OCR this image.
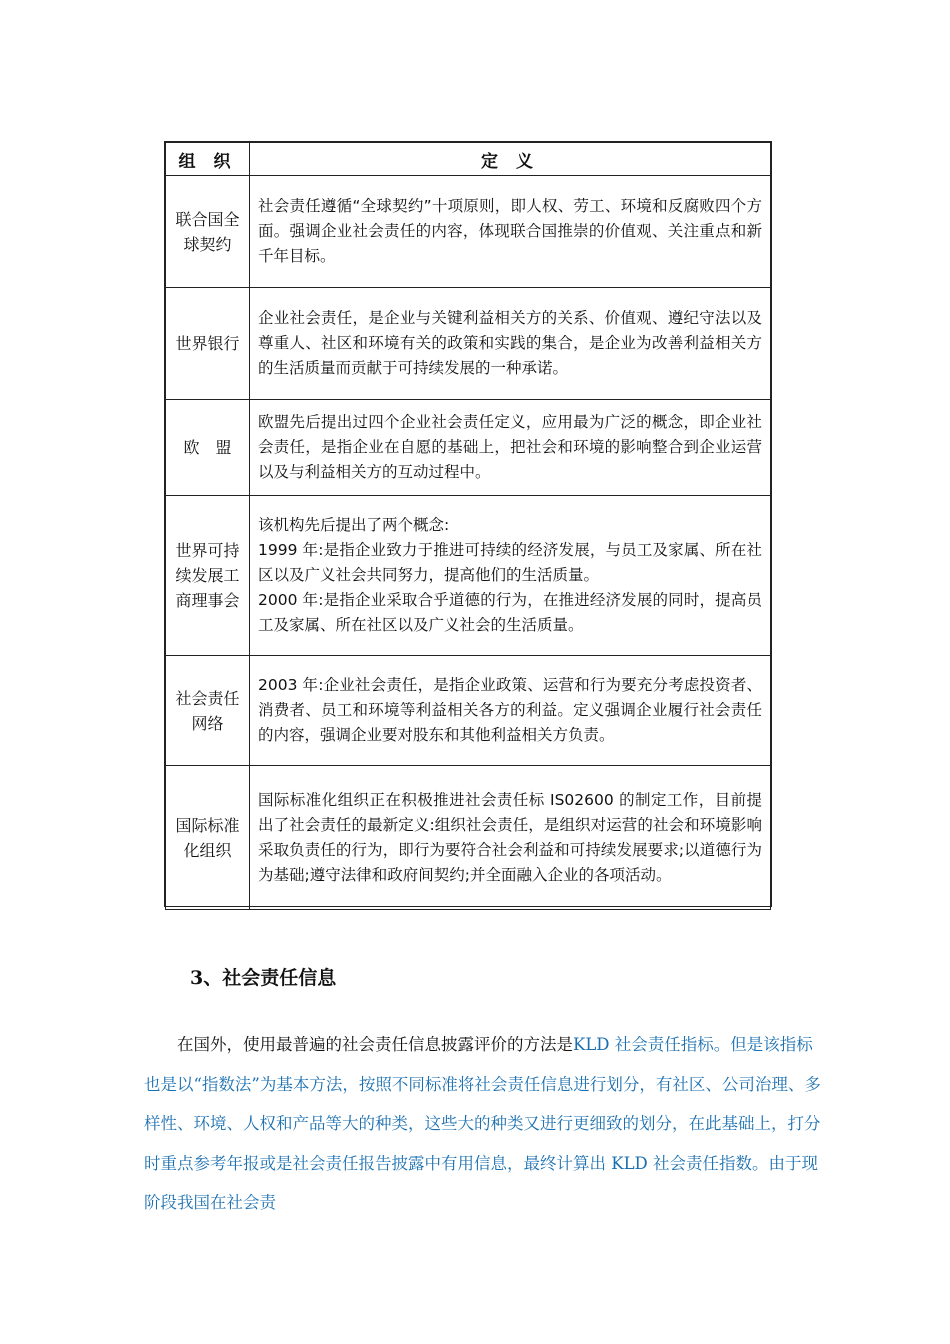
组 织	定 义
联合国全球契约	社会责任遵循“全球契约”十项原则，即人权、劳工、环境和反腐败四个方面。强调企业社会责任的内容，体现联合国推崇的价值观、关注重点和新千年目标。

世界银行	企业社会责任，是企业与关键利益相关方的关系、价值观、遵纪守法以及尊重人、社区和环境有关的政策和实践的集合，是企业为改善利益相关方的生活质量而贡献于可持续发展的一种承诺。

欧　盟	欧盟先后提出过四个企业社会责任定义，应用最为广泛的概念，即企业社会责任，是指企业在自愿的基础上，把社会和环境的影响整合到企业运营以及与利益相关方的互动过程中。

世界可持续发展工商理事会	该机构先后提出了两个概念:

1999 年:是指企业致力于推进可持续的经济发展，与员工及家属、所在社区以及广义社会共同努力，提高他们的生活质量。

2000 年:是指企业采取合乎道德的行为，在推进经济发展的同时，提高员工及家属、所在社区以及广义社会的生活质量。

社会责任网络	2003 年:企业社会责任，是指企业政策、运营和行为要充分考虑投资者、消费者、员工和环境等利益相关各方的利益。定义强调企业履行社会责任的内容，强调企业要对股东和其他利益相关方负责。

国际标准化组织	国际标准化组织正在积极推进社会责任标 IS02600 的制定工作，目前提出了社会责任的最新定义:组织社会责任，是组织对运营的社会和环境影响采取负责任的行为，即行为要符合社会利益和可持续发展要求;以道德行为为基础;遵守法律和政府间契约;并全面融入企业的各项活动。

3、社会责任信息
在国外，使用最普遍的社会责任信息披露评价的方法是KLD 社会责任指标。但是该指标也是以“指数法”为基本方法，按照不同标准将社会责任信息进行划分，有社区、公司治理、多样性、环境、人权和产品等大的种类，这些大的种类又进行更细致的划分，在此基础上，打分时重点参考年报或是社会责任报告披露中有用信息，最终计算出 KLD 社会责任指数。由于现阶段我国在社会责
